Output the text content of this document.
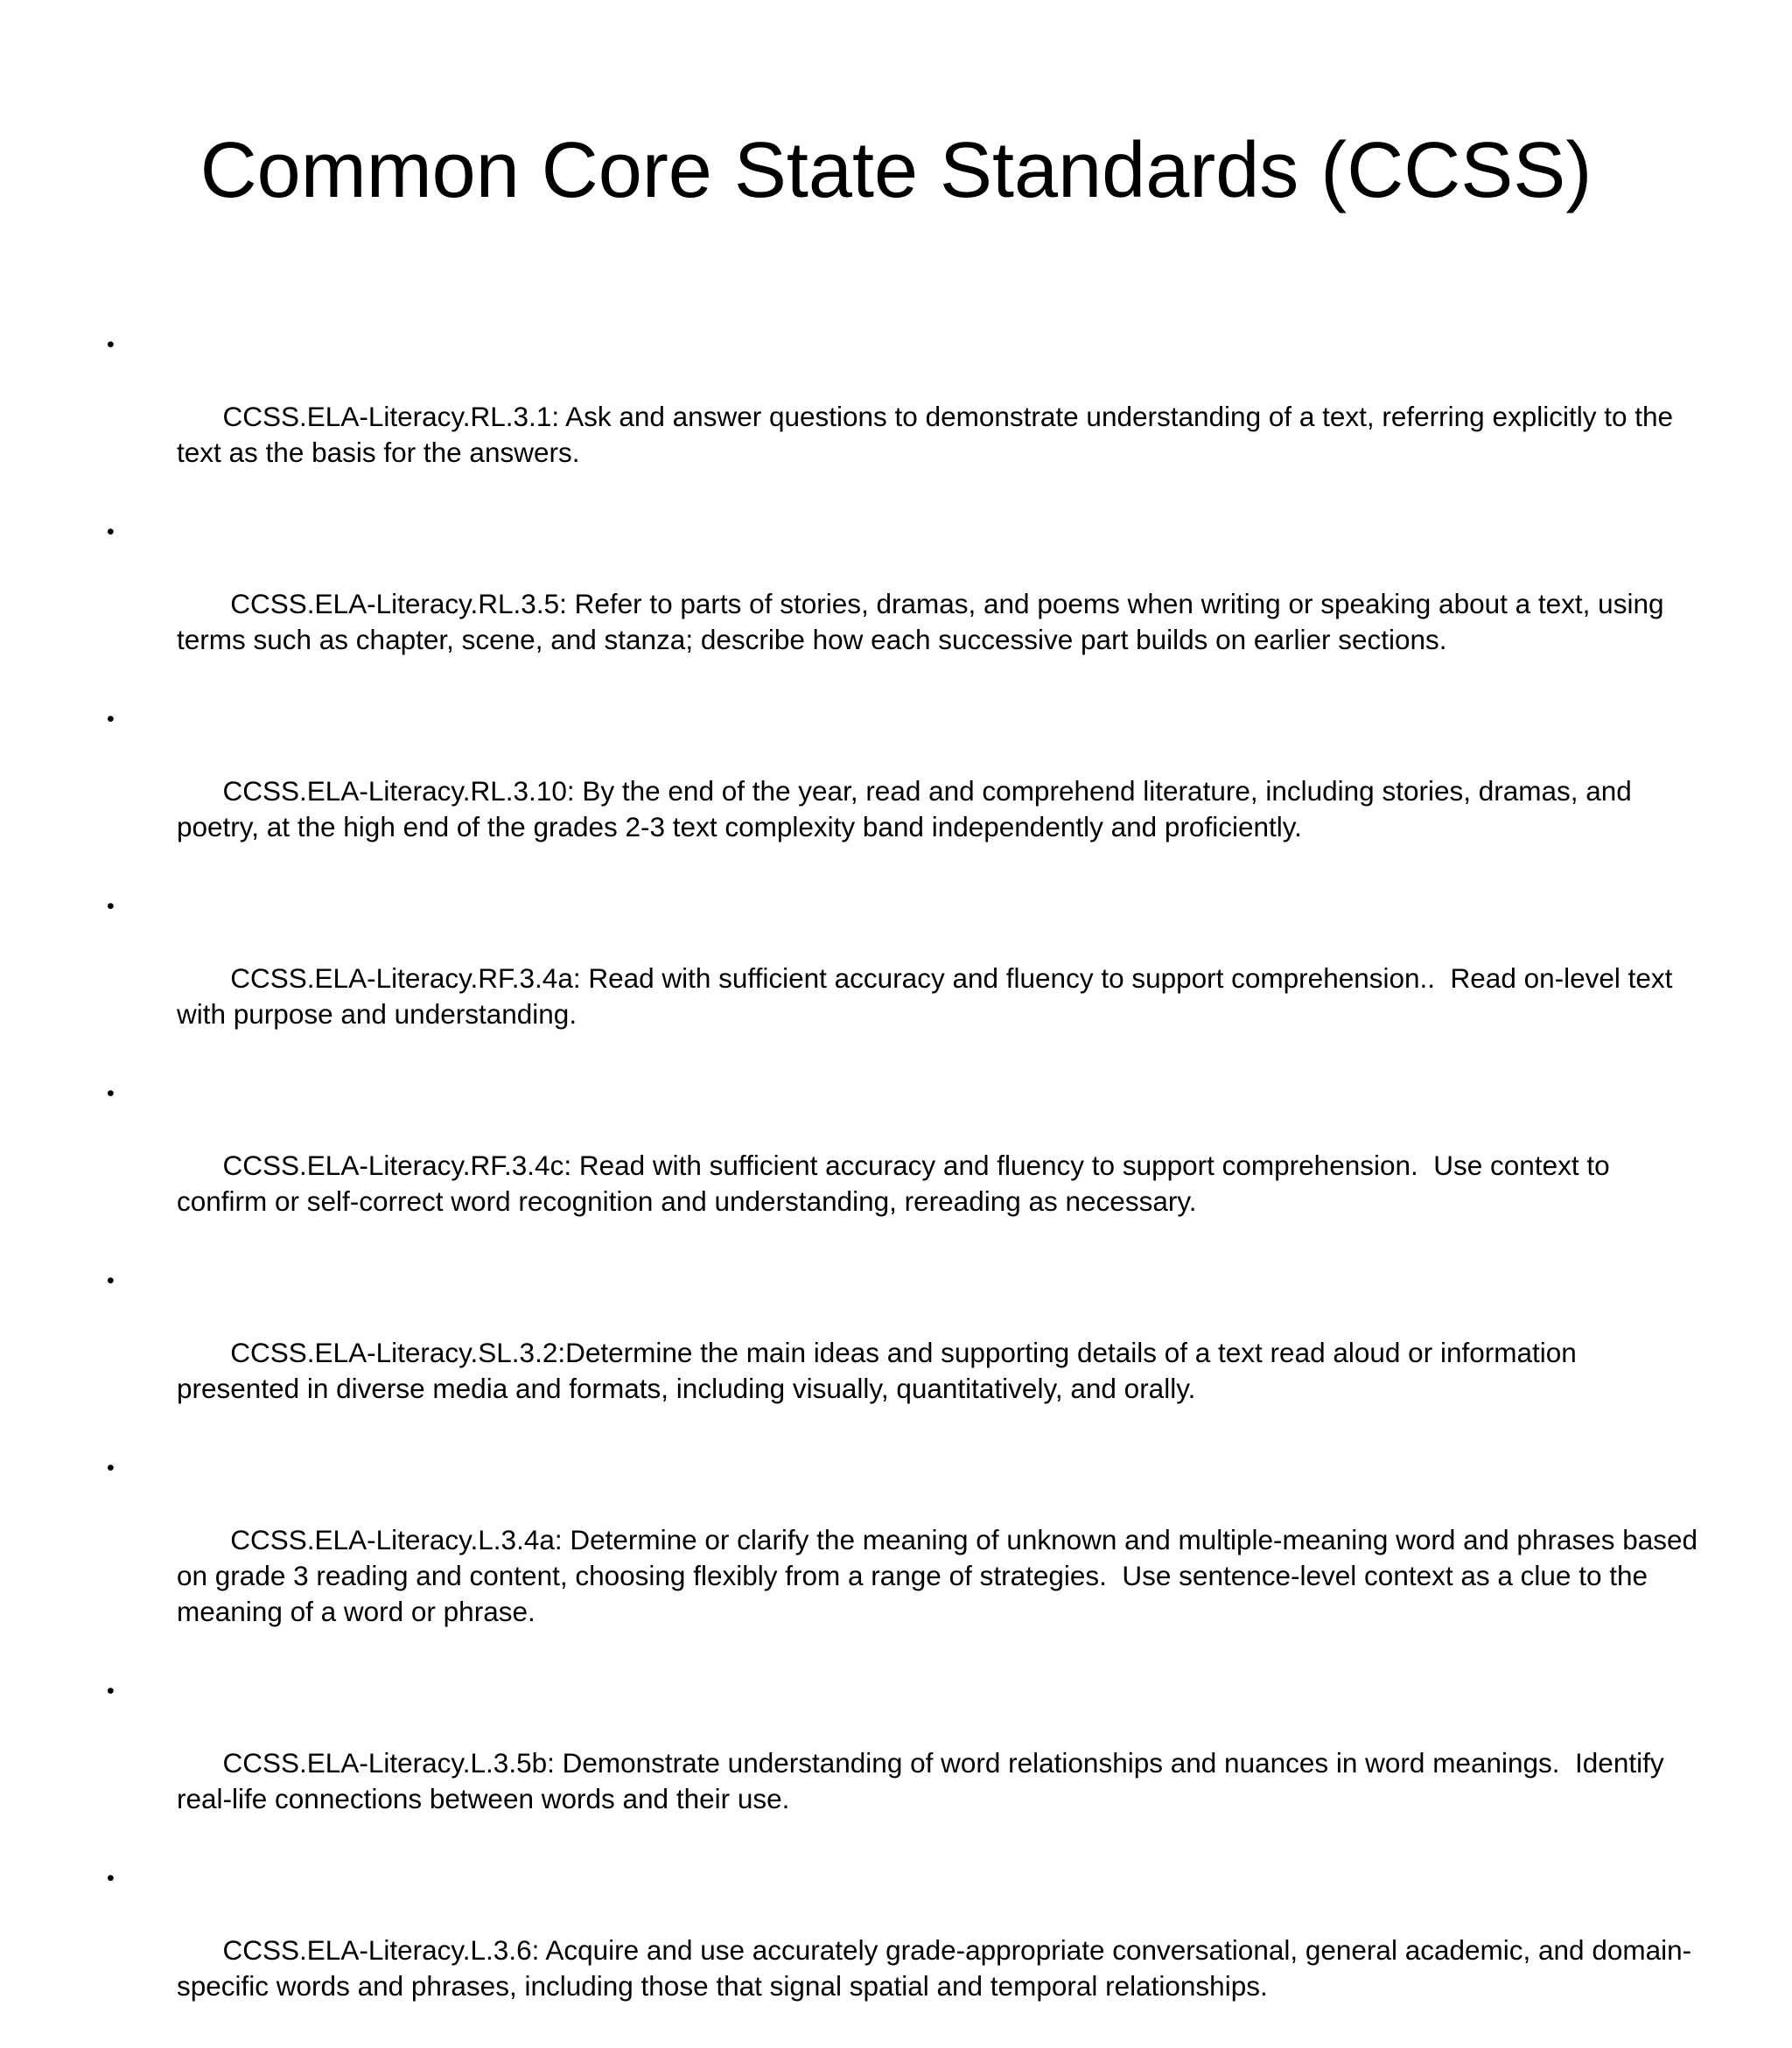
Common Core State Standards (CCSS)

•

CCSS.ELA-Literacy.RL.3.1: Ask and answer questions to demonstrate understanding of a text, referring explicitly to the text as the basis for the answers.

•

CCSS.ELA-Literacy.RL.3.5: Refer to parts of stories, dramas, and poems when writing or speaking about a text, using terms such as chapter, scene, and stanza; describe how each successive part builds on earlier sections.

•

CCSS.ELA-Literacy.RL.3.10: By the end of the year, read and comprehend literature, including stories, dramas, and poetry, at the high end of the grades 2-3 text complexity band independently and proficiently.

•

CCSS.ELA-Literacy.RF.3.4a: Read with sufficient accuracy and fluency to support comprehension..  Read on-level text with purpose and understanding.

•

CCSS.ELA-Literacy.RF.3.4c: Read with sufficient accuracy and fluency to support comprehension.  Use context to confirm or self-correct word recognition and understanding, rereading as necessary.

•

CCSS.ELA-Literacy.SL.3.2:Determine the main ideas and supporting details of a text read aloud or information presented in diverse media and formats, including visually, quantitatively, and orally.

•

CCSS.ELA-Literacy.L.3.4a: Determine or clarify the meaning of unknown and multiple-meaning word and phrases based on grade 3 reading and content, choosing flexibly from a range of strategies.  Use sentence-level context as a clue to the meaning of a word or phrase.

•

CCSS.ELA-Literacy.L.3.5b: Demonstrate understanding of word relationships and nuances in word meanings.  Identify real-life connections between words and their use.

•

CCSS.ELA-Literacy.L.3.6: Acquire and use accurately grade-appropriate conversational, general academic, and domain-specific words and phrases, including those that signal spatial and temporal relationships.
